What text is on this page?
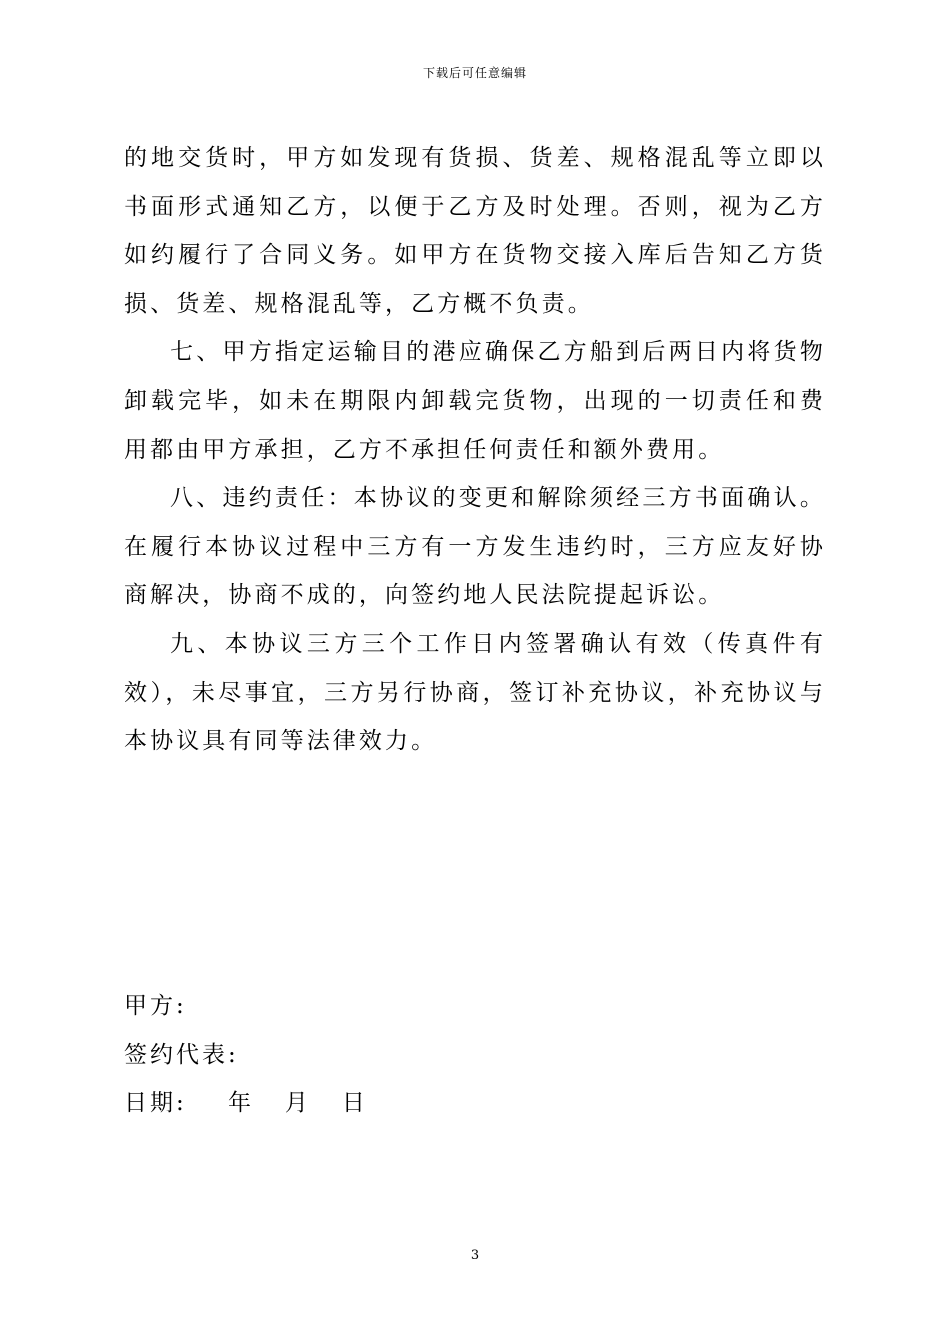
下载后可任意编辑

的地交货时，甲方如发现有货损、货差、规格混乱等立即以书面形式通知乙方，以便于乙方及时处理。否则，视为乙方如约履行了合同义务。如甲方在货物交接入库后告知乙方货损、货差、规格混乱等，乙方概不负责。

七、甲方指定运输目的港应确保乙方船到后两日内将货物卸载完毕，如未在期限内卸载完货物，出现的一切责任和费用都由甲方承担，乙方不承担任何责任和额外费用。

八、违约责任：本协议的变更和解除须经三方书面确认。在履行本协议过程中三方有一方发生违约时，三方应友好协商解决，协商不成的，向签约地人民法院提起诉讼。

九、本协议三方三个工作日内签署确认有效（传真件有效），未尽事宜，三方另行协商，签订补充协议，补充协议与本协议具有同等法律效力。

甲方:
签约代表:
日期:    年   月   日
3
